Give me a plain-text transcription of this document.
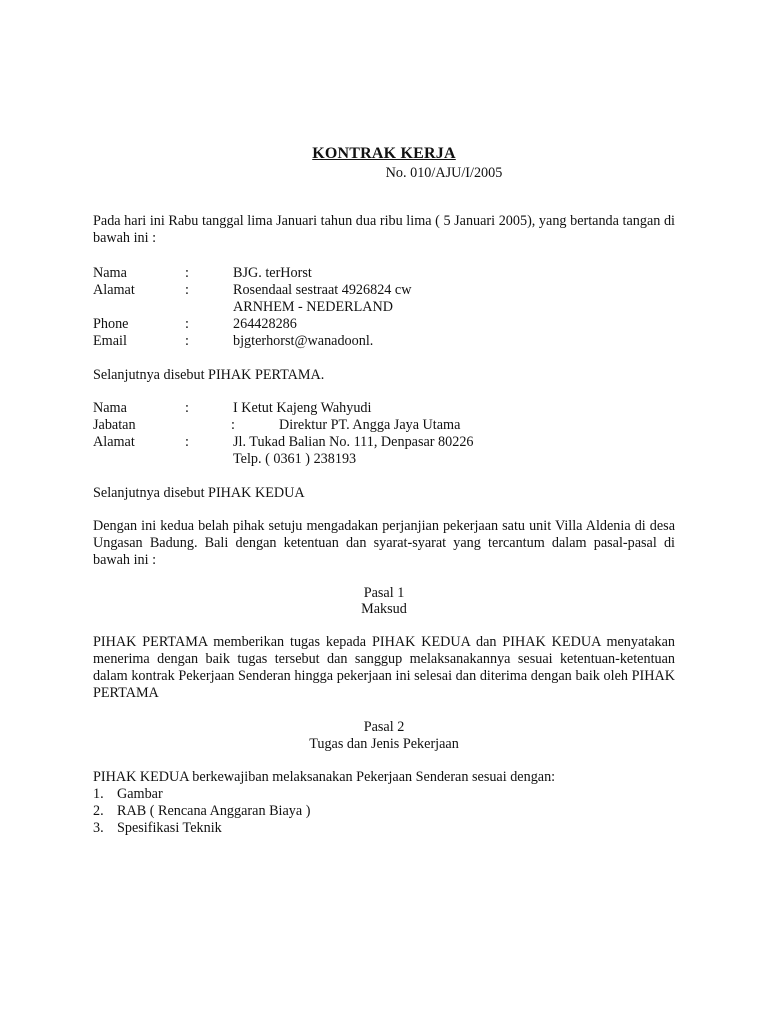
KONTRAK KERJA
No. 010/AJU/I/2005
Pada hari ini Rabu tanggal lima Januari tahun dua ribu lima ( 5 Januari 2005), yang bertanda tangan di bawah ini :
Nama	:	BJG. terHorst
Alamat	:	Rosendaal sestraat 4926824 cw
ARNHEM - NEDERLAND
Phone	:	264428286
Email	:	bjgterhorst@wanadoonl.
Selanjutnya disebut PIHAK PERTAMA.
Nama	:	I Ketut Kajeng Wahyudi
Jabatan	:	Direktur PT. Angga Jaya Utama
Alamat	:	Jl. Tukad Balian No. 111, Denpasar 80226
Telp. ( 0361 ) 238193
Selanjutnya disebut PIHAK KEDUA
Dengan ini kedua belah pihak setuju mengadakan perjanjian pekerjaan satu unit Villa Aldenia di desa Ungasan Badung. Bali dengan ketentuan dan syarat-syarat yang tercantum dalam pasal-pasal di bawah ini :
Pasal 1
Maksud
PIHAK PERTAMA memberikan tugas kepada PIHAK KEDUA dan PIHAK KEDUA menyatakan menerima dengan baik tugas tersebut dan sanggup melaksanakannya sesuai ketentuan-ketentuan dalam kontrak Pekerjaan Senderan hingga pekerjaan ini selesai dan diterima dengan baik oleh PIHAK PERTAMA
Pasal 2
Tugas dan Jenis Pekerjaan
PIHAK KEDUA berkewajiban melaksanakan Pekerjaan Senderan sesuai dengan:
1. Gambar
2. RAB ( Rencana Anggaran Biaya )
3. Spesifikasi Teknik
